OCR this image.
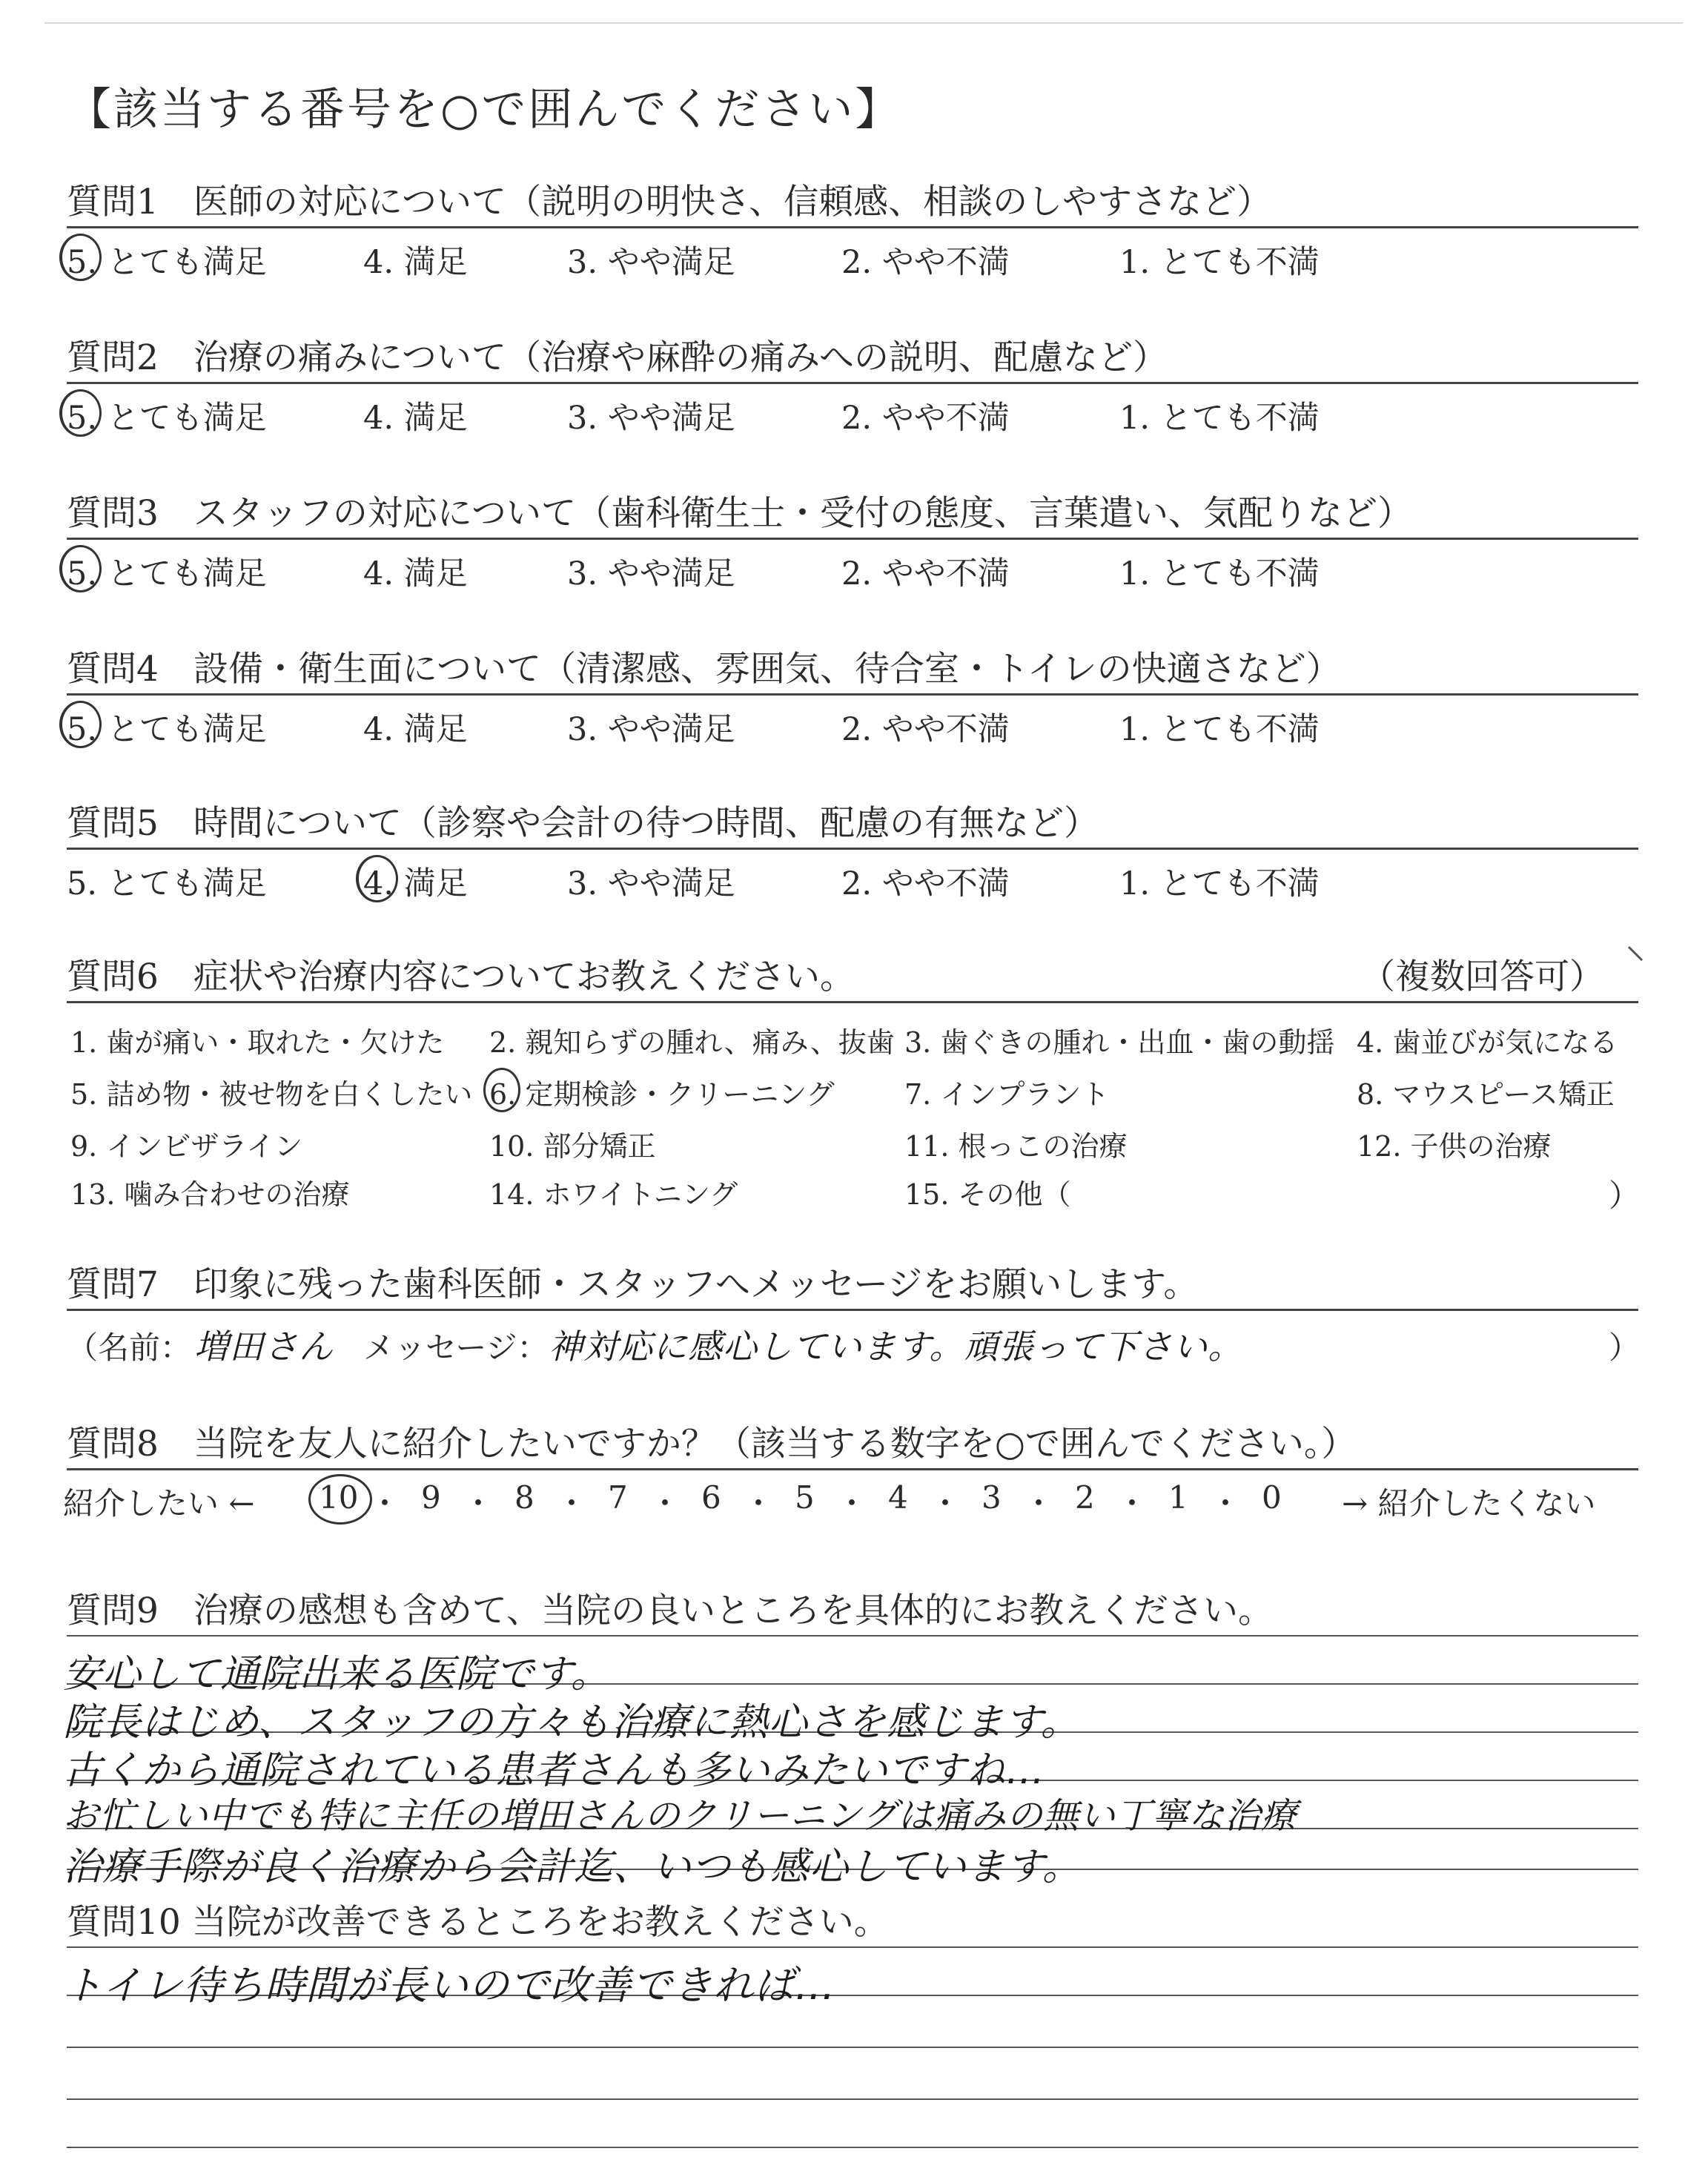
【該当する番号を○で囲んでください】
質問1　医師の対応について（説明の明快さ、信頼感、相談のしやすさなど）
5. とても満足	4. 満足	3. やや満足	2. やや不満	1. とても不満
質問2　治療の痛みについて（治療や麻酔の痛みへの説明、配慮など）
5. とても満足	4. 満足	3. やや満足	2. やや不満	1. とても不満
質問3　スタッフの対応について（歯科衛生士・受付の態度、言葉遣い、気配りなど）
5. とても満足	4. 満足	3. やや満足	2. やや不満	1. とても不満
質問4　設備・衛生面について（清潔感、雰囲気、待合室・トイレの快適さなど）
5. とても満足	4. 満足	3. やや満足	2. やや不満	1. とても不満
質問5　時間について（診察や会計の待つ時間、配慮の有無など）
5. とても満足	4. 満足	3. やや満足	2. やや不満	1. とても不満
質問6　症状や治療内容についてお教えください。	（複数回答可）
1. 歯が痛い・取れた・欠けた 2. 親知らずの腫れ、痛み、抜歯 3. 歯ぐきの腫れ・出血・歯の動揺 4. 歯並びが気になる
5. 詰め物・被せ物を白くしたい 6. 定期検診・クリーニング 7. インプラント	8. マウスピース矯正
9. インビザライン	10. 部分矯正	11. 根っこの治療	12. 子供の治療
13. 噛み合わせの治療	14. ホワイトニング	15. その他（	）
質問7　印象に残った歯科医師・スタッフへメッセージをお願いします。
（名前： 増田さん メッセージ： 神対応に感心しています。頑張って下さい。	）
質問8　当院を友人に紹介したいですか？（該当する数字を○で囲んでください。）
紹介したい ← 10 ・ 9 ・ 8 ・ 7 ・ 6 ・ 5 ・ 4 ・ 3 ・ 2 ・ 1 ・ 0 → 紹介したくない
質問9　治療の感想も含めて、当院の良いところを具体的にお教えください。
安心して通院出来る医院です。
院長はじめ、スタッフの方々も治療に熱心さを感じます。
古くから通院されている患者さんも多いみたいですね…
お忙しい中でも特に主任の増田さんのクリーニングは痛みの無い丁寧な治療
治療手際が良く治療から会計迄、いつも感心しています。
質問10 当院が改善できるところをお教えください。
トイレ待ち時間が長いので改善できれば…
